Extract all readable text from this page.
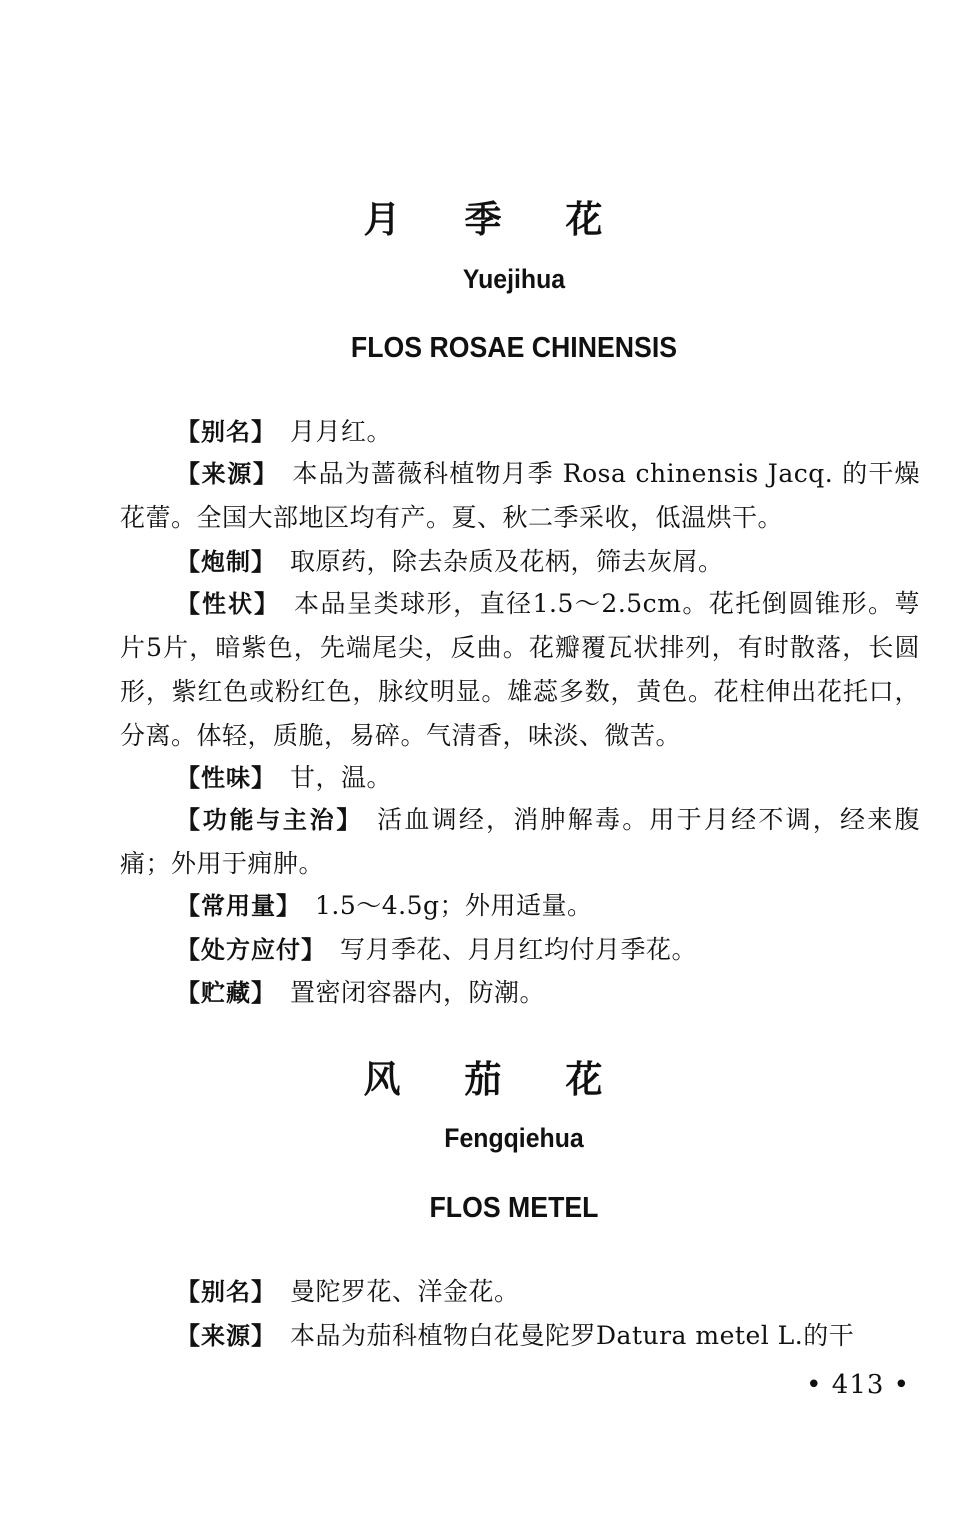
月季花
Yuejihua
FLOS ROSAE CHINENSIS
【别名】 月月红。
【来源】 本品为蔷薇科植物月季 Rosa chinensis Jacq. 的干燥花蕾。全国大部地区均有产。夏、秋二季采收，低温烘干。
【炮制】 取原药，除去杂质及花柄，筛去灰屑。
【性状】 本品呈类球形，直径1.5～2.5cm。花托倒圆锥形。萼片5片，暗紫色，先端尾尖，反曲。花瓣覆瓦状排列，有时散落，长圆形，紫红色或粉红色，脉纹明显。雄蕊多数，黄色。花柱伸出花托口，分离。体轻，质脆，易碎。气清香，味淡、微苦。
【性味】 甘，温。
【功能与主治】 活血调经，消肿解毒。用于月经不调，经来腹痛；外用于痈肿。
【常用量】 1.5～4.5g；外用适量。
【处方应付】 写月季花、月月红均付月季花。
【贮藏】 置密闭容器内，防潮。
风茄花
Fengqiehua
FLOS METEL
【别名】 曼陀罗花、洋金花。
【来源】 本品为茄科植物白花曼陀罗Datura metel L.的干
• 413 •
